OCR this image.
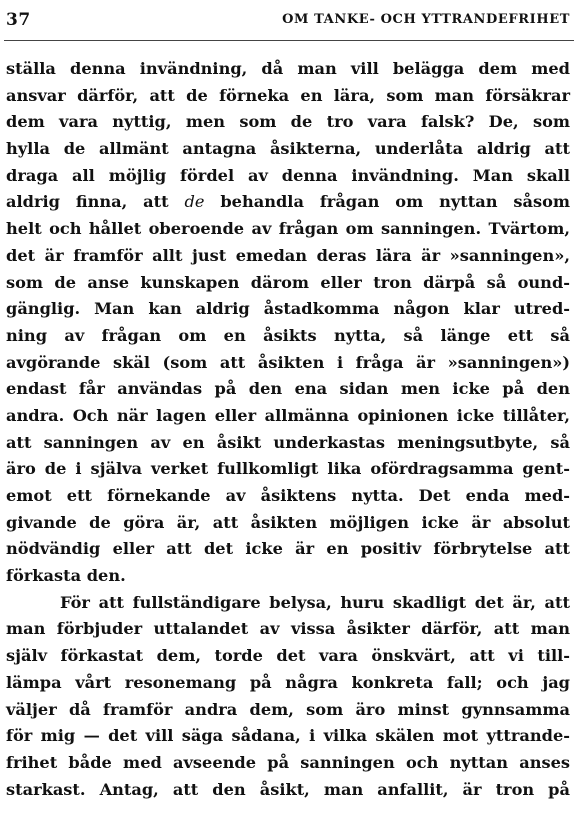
37	OM TANKE- OCH YTTRANDEFRIHET
ställa denna invändning, då man vill belägga dem med
ansvar därför, att de förneka en lära, som man försäkrar
dem vara nyttig, men som de tro vara falsk? De, som
hylla de allmänt antagna åsikterna, underlåta aldrig att
draga all möjlig fördel av denna invändning. Man skall
aldrig finna, att de behandla frågan om nyttan såsom
helt och hållet oberoende av frågan om sanningen. Tvärtom,
det är framför allt just emedan deras lära är »sanningen»,
som de anse kunskapen därom eller tron därpå så ound-
gänglig. Man kan aldrig åstadkomma någon klar utred-
ning av frågan om en åsikts nytta, så länge ett så
avgörande skäl (som att åsikten i fråga är »sanningen»)
endast får användas på den ena sidan men icke på den
andra. Och när lagen eller allmänna opinionen icke tillåter,
att sanningen av en åsikt underkastas meningsutbyte, så
äro de i själva verket fullkomligt lika ofördragsamma gent-
emot ett förnekande av åsiktens nytta. Det enda med-
givande de göra är, att åsikten möjligen icke är absolut
nödvändig eller att det icke är en positiv förbrytelse att
förkasta den.
För att fullständigare belysa, huru skadligt det är, att
man förbjuder uttalandet av vissa åsikter därför, att man
själv förkastat dem, torde det vara önskvärt, att vi till-
lämpa vårt resonemang på några konkreta fall; och jag
väljer då framför andra dem, som äro minst gynnsamma
för mig — det vill säga sådana, i vilka skälen mot yttrande-
frihet både med avseende på sanningen och nyttan anses
starkast. Antag, att den åsikt, man anfallit, är tron på
